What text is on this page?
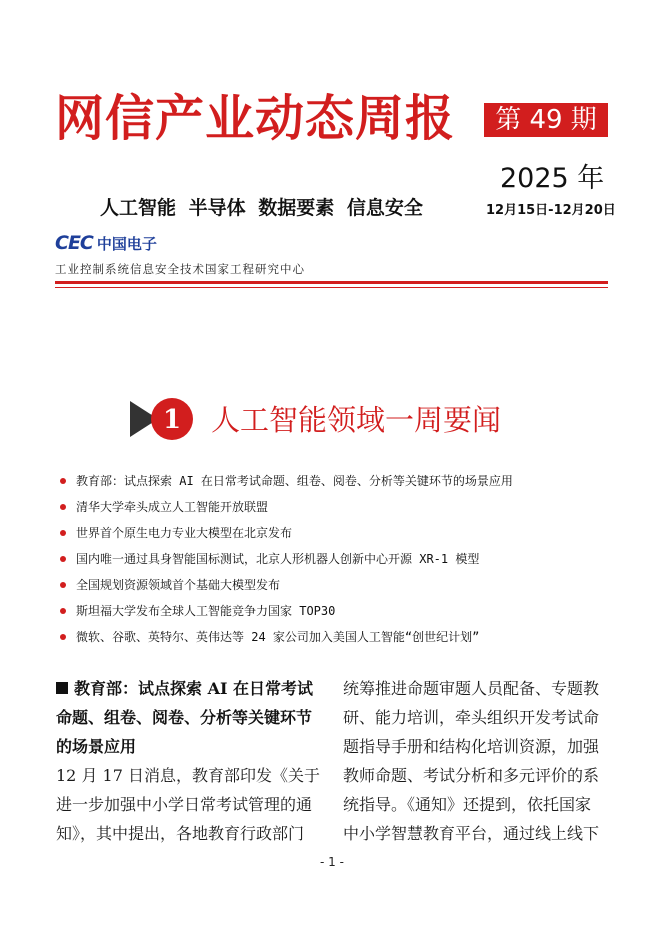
网信产业动态周报	第 49 期
2025 年
12月15日-12月20日
人工智能 半导体 数据要素 信息安全
CEC 中国电子
工业控制系统信息安全技术国家工程研究中心
1 人工智能领域一周要闻
教育部：试点探索 AI 在日常考试命题、组卷、阅卷、分析等关键环节的场景应用
清华大学牵头成立人工智能开放联盟
世界首个原生电力专业大模型在北京发布
国内唯一通过具身智能国标测试，北京人形机器人创新中心开源 XR-1 模型
全国规划资源领域首个基础大模型发布
斯坦福大学发布全球人工智能竞争力国家 TOP30
微软、谷歌、英特尔、英伟达等 24 家公司加入美国人工智能“创世纪计划”
教育部：试点探索 AI 在日常考试
命题、组卷、阅卷、分析等关键环节
的场景应用
12 月 17 日消息，教育部印发《关于
进一步加强中小学日常考试管理的通
知》，其中提出，各地教育行政部门
统筹推进命题审题人员配备、专题教
研、能力培训，牵头组织开发考试命
题指导手册和结构化培训资源，加强
教师命题、考试分析和多元评价的系
统指导。《通知》还提到，依托国家
中小学智慧教育平台，通过线上线下
- 1 -
